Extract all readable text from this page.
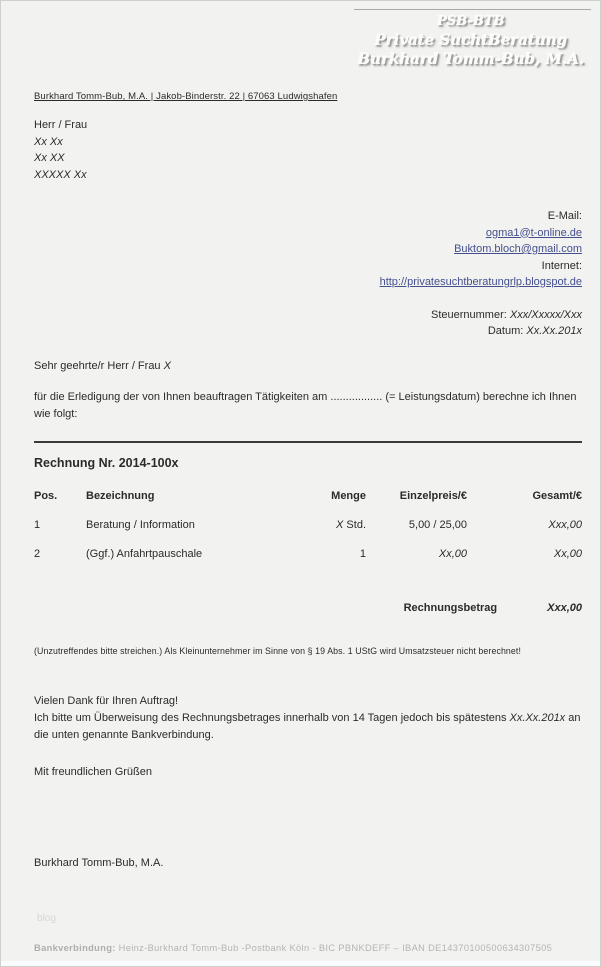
PSB-BTB
Private SuchtBeratung
Burkhard Tomm-Bub, M.A.
Burkhard Tomm-Bub, M.A. | Jakob-Binderstr. 22 | 67063 Ludwigshafen
Herr / Frau
Xx Xx
Xx XX
XXXXX Xx
E-Mail:
ogma1@t-online.de
Buktom.bloch@gmail.com
Internet:
http://privatesuchtberatungrlp.blogspot.de
Steuernummer: Xxx/Xxxxx/Xxx
Datum: Xx.Xx.201x
Sehr geehrte/r Herr / Frau X

für die Erledigung der von Ihnen beauftragen Tätigkeiten am ................. (= Leistungsdatum) berechne ich Ihnen wie folgt:

Rechnung Nr. 2014-100x
Pos.	Bezeichnung	Menge	Einzelpreis/€	Gesamt/€
1	Beratung / Information	X Std.	5,00 / 25,00	Xxx,00
2	(Ggf.) Anfahrtpauschale	1	Xx,00	Xx,00
Rechnungsbetrag	Xxx,00
(Unzutreffendes bitte streichen.) Als Kleinunternehmer im Sinne von § 19 Abs. 1 UStG wird Umsatzsteuer nicht berechnet!
Vielen Dank für Ihren Auftrag!
Ich bitte um Überweisung des Rechnungsbetrages innerhalb von 14 Tagen jedoch bis spätestens Xx.Xx.201x an die unten genannte Bankverbindung.
Mit freundlichen Grüßen
Burkhard Tomm-Bub, M.A.
blog
Bankverbindung: Heinz-Burkhard Tomm-Bub -Postbank Köln - BIC PBNKDEFF – IBAN DE14370100500634307505
